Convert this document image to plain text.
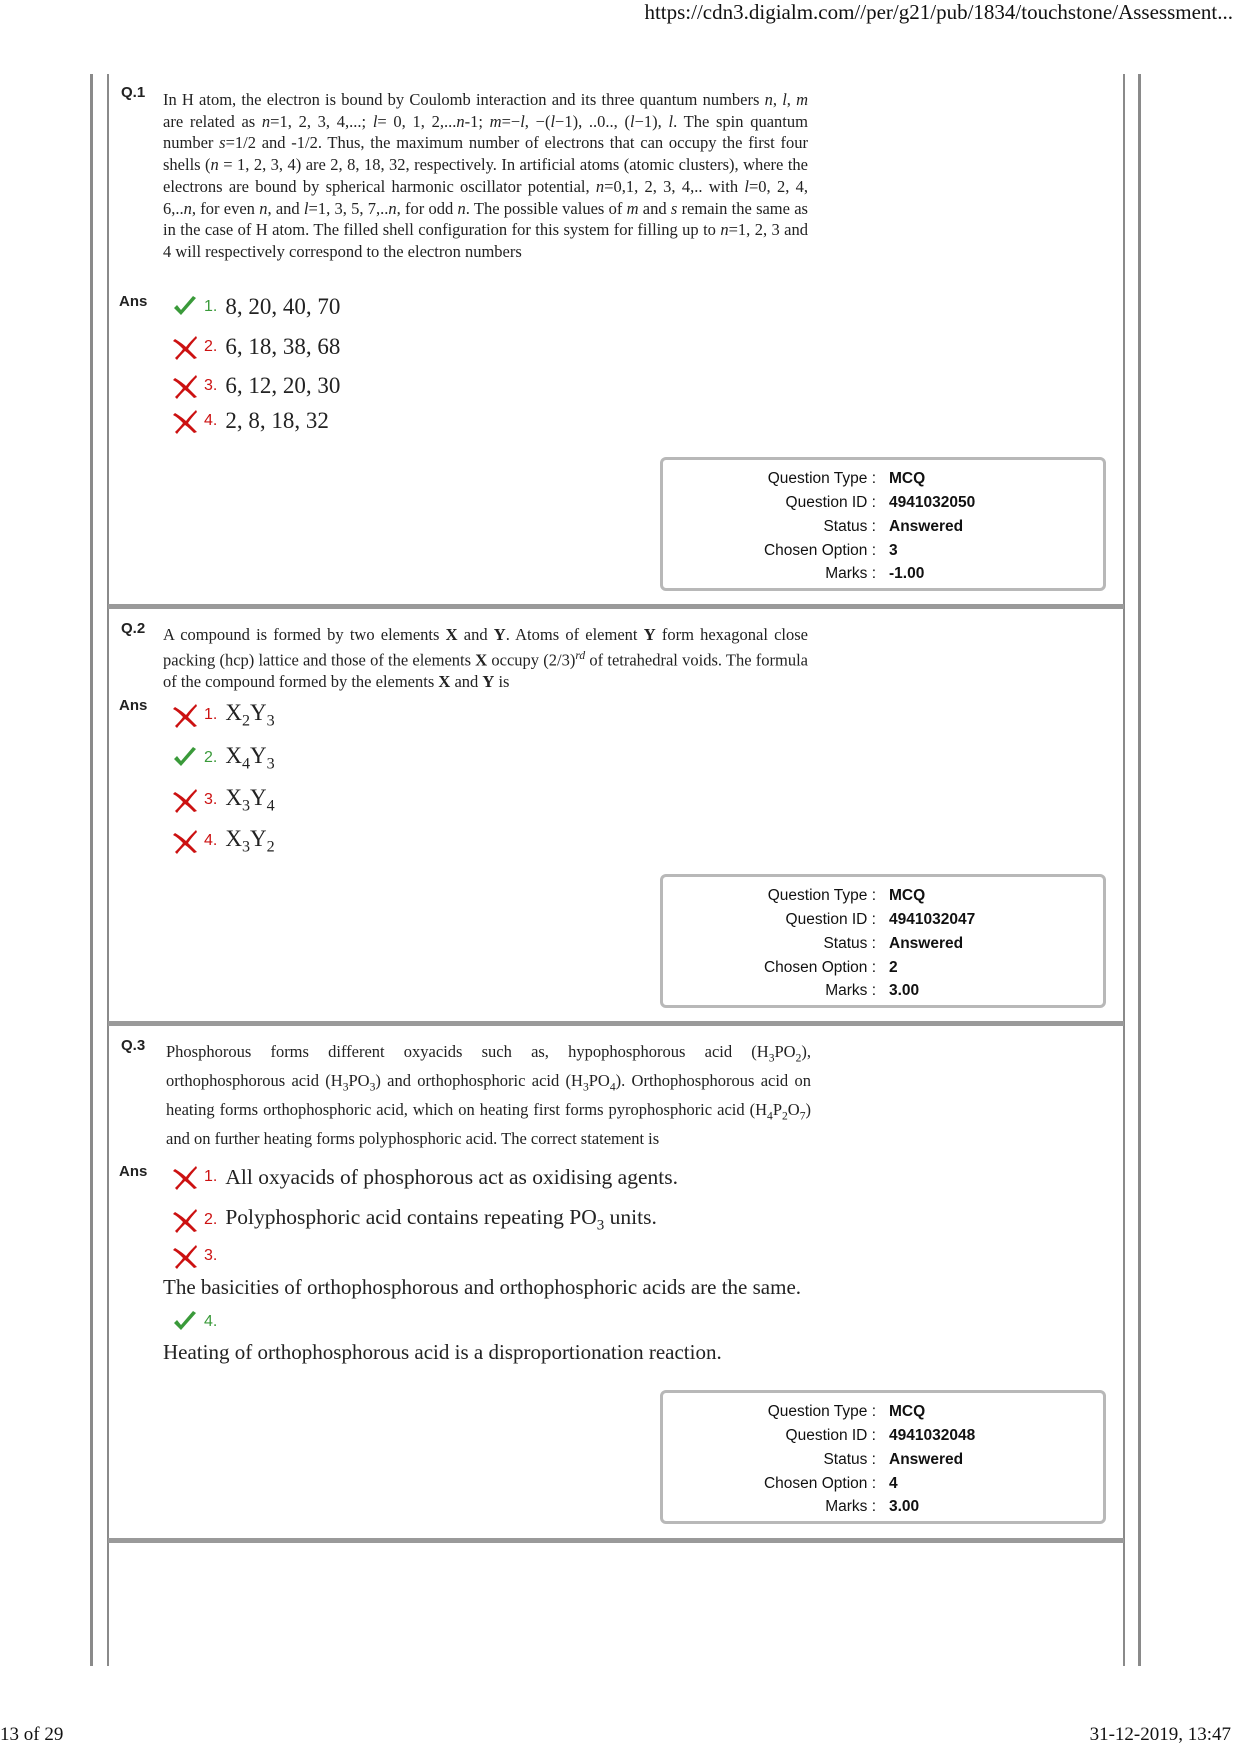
https://cdn3.digialm.com//per/g21/pub/1834/touchstone/Assessment...
Q.1 In H atom, the electron is bound by Coulomb interaction and its three quantum numbers n, l, m are related as n=1, 2, 3, 4,...; l= 0, 1, 2,...n-1; m=−l, −(l−1), ..0.., (l−1), l. The spin quantum number s=1/2 and -1/2. Thus, the maximum number of electrons that can occupy the first four shells (n = 1, 2, 3, 4) are 2, 8, 18, 32, respectively. In artificial atoms (atomic clusters), where the electrons are bound by spherical harmonic oscillator potential, n=0,1, 2, 3, 4,.. with l=0, 2, 4, 6,..n, for even n, and l=1, 3, 5, 7,..n, for odd n. The possible values of m and s remain the same as in the case of H atom. The filled shell configuration for this system for filling up to n=1, 2, 3 and 4 will respectively correspond to the electron numbers
Ans	1. 8, 20, 40, 70
2. 6, 18, 38, 68
3. 6, 12, 20, 30
4. 2, 8, 18, 32
Question Type : MCQ
Question ID : 4941032050
Status : Answered
Chosen Option : 3
Marks : -1.00
Q.2 A compound is formed by two elements X and Y. Atoms of element Y form hexagonal close packing (hcp) lattice and those of the elements X occupy $(2/3)^{rd}$ of tetrahedral voids. The formula of the compound formed by the elements X and Y is
Ans
1. $X_2Y_3$
2. $X_4Y_3$
3. $X_3Y_4$
4. $X_3Y_2$
Question Type : MCQ
Question ID : 4941032047
Status : Answered
Chosen Option : 2
Marks : 3.00
Q.3 Phosphorous forms different oxyacids such as, hypophosphorous acid $(H_3PO_2)$, orthophosphorous acid $(H_3PO_3)$ and orthophosphoric acid $(H_3PO_4)$. Orthophosphorous acid on heating forms orthophosphoric acid, which on heating first forms pyrophosphoric acid $(H_4P_2O_7)$ and on further heating forms polyphosphoric acid. The correct statement is
Ans	1. All oxyacids of phosphorous act as oxidising agents.
2. Polyphosphoric acid contains repeating $PO_3$ units.
3.
The basicities of orthophosphorous and orthophosphoric acids are the same.
4.
Heating of orthophosphorous acid is a disproportionation reaction.
Question Type : MCQ
Question ID : 4941032048
Status : Answered
Chosen Option : 4
Marks : 3.00
13 of 29	31-12-2019, 13:47
